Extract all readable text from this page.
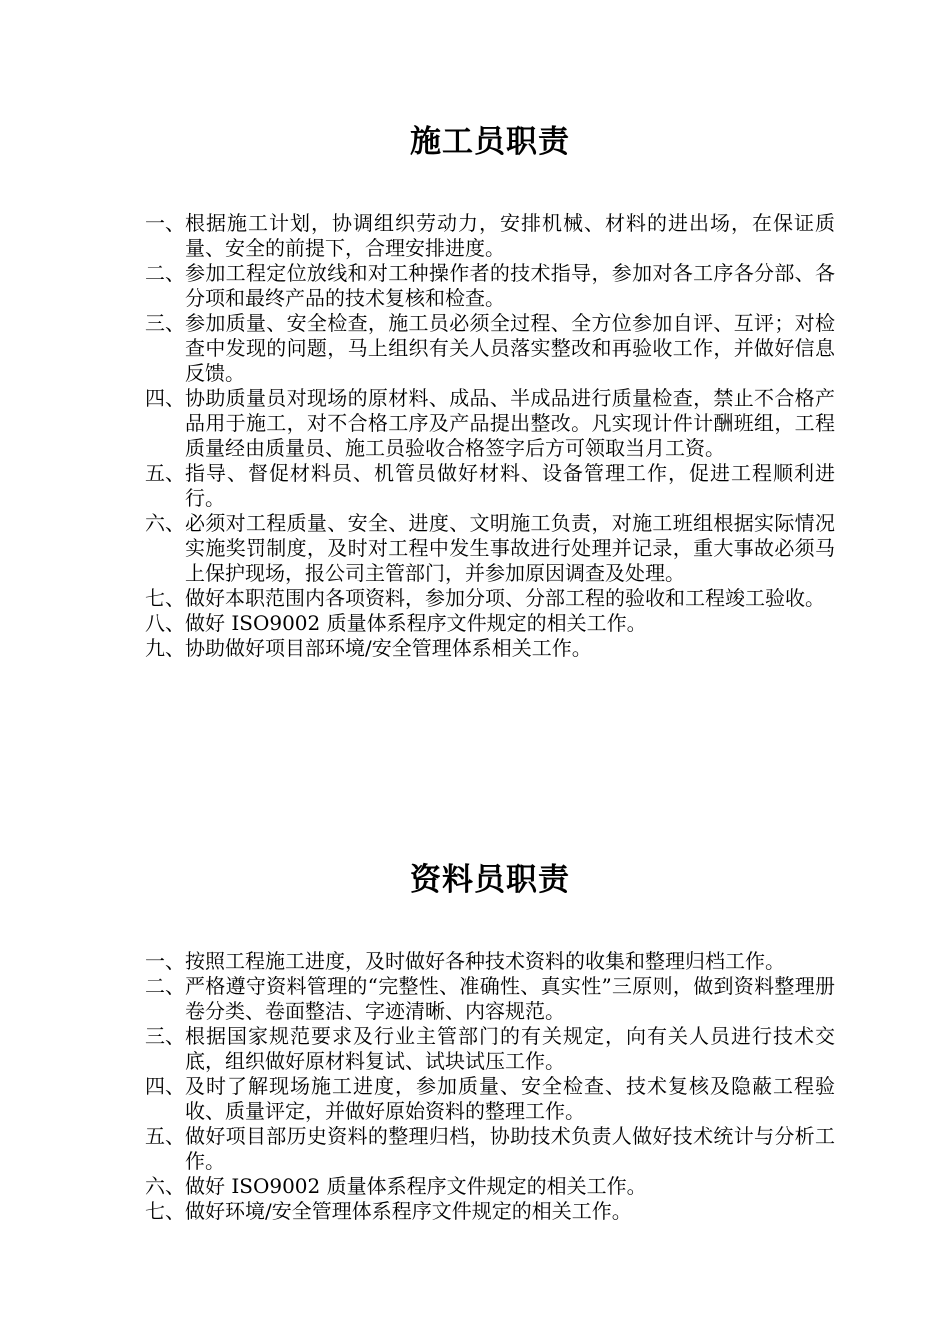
施工员职责
一、 根据施工计划，协调组织劳动力，安排机械、材料的进出场，在保证质量、安全的前提下，合理安排进度。
二、 参加工程定位放线和对工种操作者的技术指导，参加对各工序各分部、各分项和最终产品的技术复核和检查。
三、 参加质量、安全检查，施工员必须全过程、全方位参加自评、互评；对检查中发现的问题，马上组织有关人员落实整改和再验收工作，并做好信息反馈。
四、 协助质量员对现场的原材料、成品、半成品进行质量检查，禁止不合格产品用于施工，对不合格工序及产品提出整改。凡实现计件计酬班组，工程质量经由质量员、施工员验收合格签字后方可领取当月工资。
五、 指导、督促材料员、机管员做好材料、设备管理工作，促进工程顺利进行。
六、 必须对工程质量、安全、进度、文明施工负责，对施工班组根据实际情况实施奖罚制度，及时对工程中发生事故进行处理并记录，重大事故必须马上保护现场，报公司主管部门，并参加原因调查及处理。
七、 做好本职范围内各项资料，参加分项、分部工程的验收和工程竣工验收。
八、 做好 ISO9002 质量体系程序文件规定的相关工作。
九、 协助做好项目部环境/安全管理体系相关工作。
资料员职责
一、 按照工程施工进度，及时做好各种技术资料的收集和整理归档工作。
二、 严格遵守资料管理的“完整性、准确性、真实性”三原则，做到资料整理册卷分类、卷面整洁、字迹清晰、内容规范。
三、 根据国家规范要求及行业主管部门的有关规定，向有关人员进行技术交底，组织做好原材料复试、试块试压工作。
四、 及时了解现场施工进度，参加质量、安全检查、技术复核及隐蔽工程验收、质量评定，并做好原始资料的整理工作。
五、 做好项目部历史资料的整理归档，协助技术负责人做好技术统计与分析工作。
六、 做好 ISO9002 质量体系程序文件规定的相关工作。
七、 做好环境/安全管理体系程序文件规定的相关工作。
